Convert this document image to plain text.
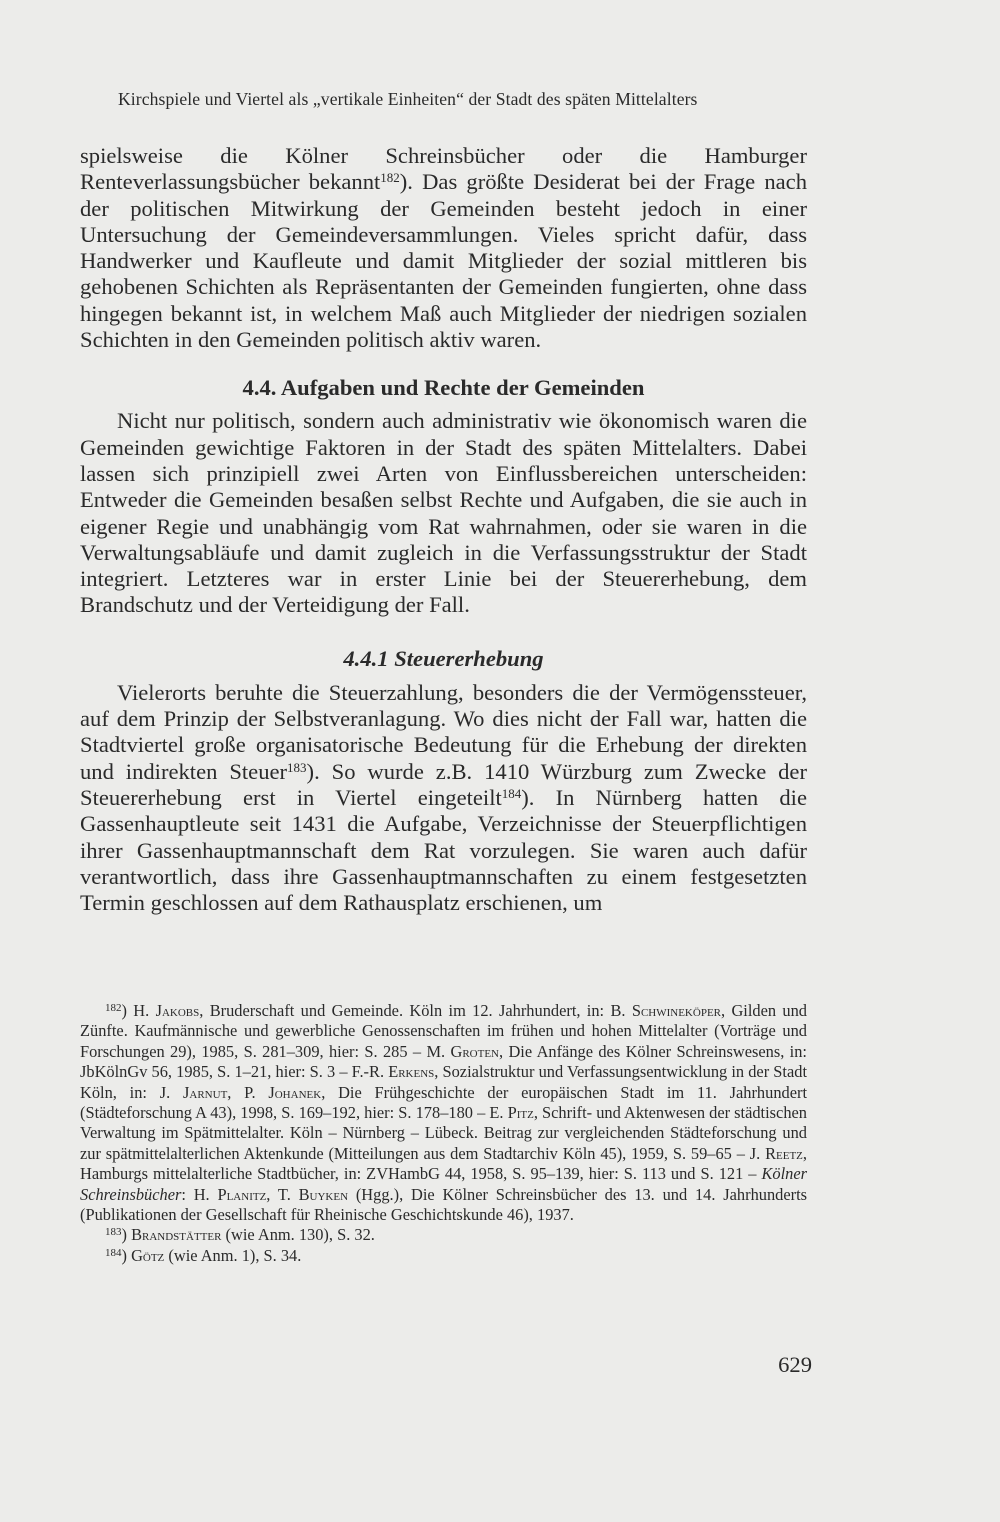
Kirchspiele und Viertel als „vertikale Einheiten“ der Stadt des späten Mittelalters

spielsweise die Kölner Schreinsbücher oder die Hamburger Renteverlassungsbücher bekannt$^{182}$). Das größte Desiderat bei der Frage nach der politischen Mitwirkung der Gemeinden besteht jedoch in einer Untersuchung der Gemeindeversammlungen. Vieles spricht dafür, dass Handwerker und Kaufleute und damit Mitglieder der sozial mittleren bis gehobenen Schichten als Repräsentanten der Gemeinden fungierten, ohne dass hingegen bekannt ist, in welchem Maß auch Mitglieder der niedrigen sozialen Schichten in den Gemeinden politisch aktiv waren.

4.4. Aufgaben und Rechte der Gemeinden

Nicht nur politisch, sondern auch administrativ wie ökonomisch waren die Gemeinden gewichtige Faktoren in der Stadt des späten Mittelalters. Dabei lassen sich prinzipiell zwei Arten von Einflussbereichen unterscheiden: Entweder die Gemeinden besaßen selbst Rechte und Aufgaben, die sie auch in eigener Regie und unabhängig vom Rat wahrnahmen, oder sie waren in die Verwaltungsabläufe und damit zugleich in die Verfassungsstruktur der Stadt integriert. Letzteres war in erster Linie bei der Steuererhebung, dem Brandschutz und der Verteidigung der Fall.

4.4.1 Steuererhebung

Vielerorts beruhte die Steuerzahlung, besonders die der Vermögenssteuer, auf dem Prinzip der Selbstveranlagung. Wo dies nicht der Fall war, hatten die Stadtviertel große organisatorische Bedeutung für die Erhebung der direkten und indirekten Steuer$^{183}$). So wurde z.B. 1410 Würzburg zum Zwecke der Steuererhebung erst in Viertel eingeteilt$^{184}$). In Nürnberg hatten die Gassenhauptleute seit 1431 die Aufgabe, Verzeichnisse der Steuerpflichtigen ihrer Gassenhauptmannschaft dem Rat vorzulegen. Sie waren auch dafür verantwortlich, dass ihre Gassenhauptmannschaften zu einem festgesetzten Termin geschlossen auf dem Rathausplatz erschienen, um

$^{182}$) H. Jakobs, Bruderschaft und Gemeinde. Köln im 12. Jahrhundert, in: B. Schwineköper, Gilden und Zünfte. Kaufmännische und gewerbliche Genossenschaften im frühen und hohen Mittelalter (Vorträge und Forschungen 29), 1985, S. 281–309, hier: S. 285 – M. Groten, Die Anfänge des Kölner Schreinswesens, in: JbKölnGv 56, 1985, S. 1–21, hier: S. 3 – F.-R. Erkens, Sozialstruktur und Verfassungsentwicklung in der Stadt Köln, in: J. Jarnut, P. Johanek, Die Frühgeschichte der europäischen Stadt im 11. Jahrhundert (Städteforschung A 43), 1998, S. 169–192, hier: S. 178–180 – E. Pitz, Schrift- und Aktenwesen der städtischen Verwaltung im Spätmittelalter. Köln – Nürnberg – Lübeck. Beitrag zur vergleichenden Städteforschung und zur spätmittelalterlichen Aktenkunde (Mitteilungen aus dem Stadtarchiv Köln 45), 1959, S. 59–65 – J. Reetz, Hamburgs mittelalterliche Stadtbücher, in: ZVHambG 44, 1958, S. 95–139, hier: S. 113 und S. 121 – Kölner Schreinsbücher: H. Planitz, T. Buyken (Hgg.), Die Kölner Schreinsbücher des 13. und 14. Jahrhunderts (Publikationen der Gesellschaft für Rheinische Geschichtskunde 46), 1937.

$^{183}$) Brandstätter (wie Anm. 130), S. 32.

$^{184}$) Götz (wie Anm. 1), S. 34.

629
